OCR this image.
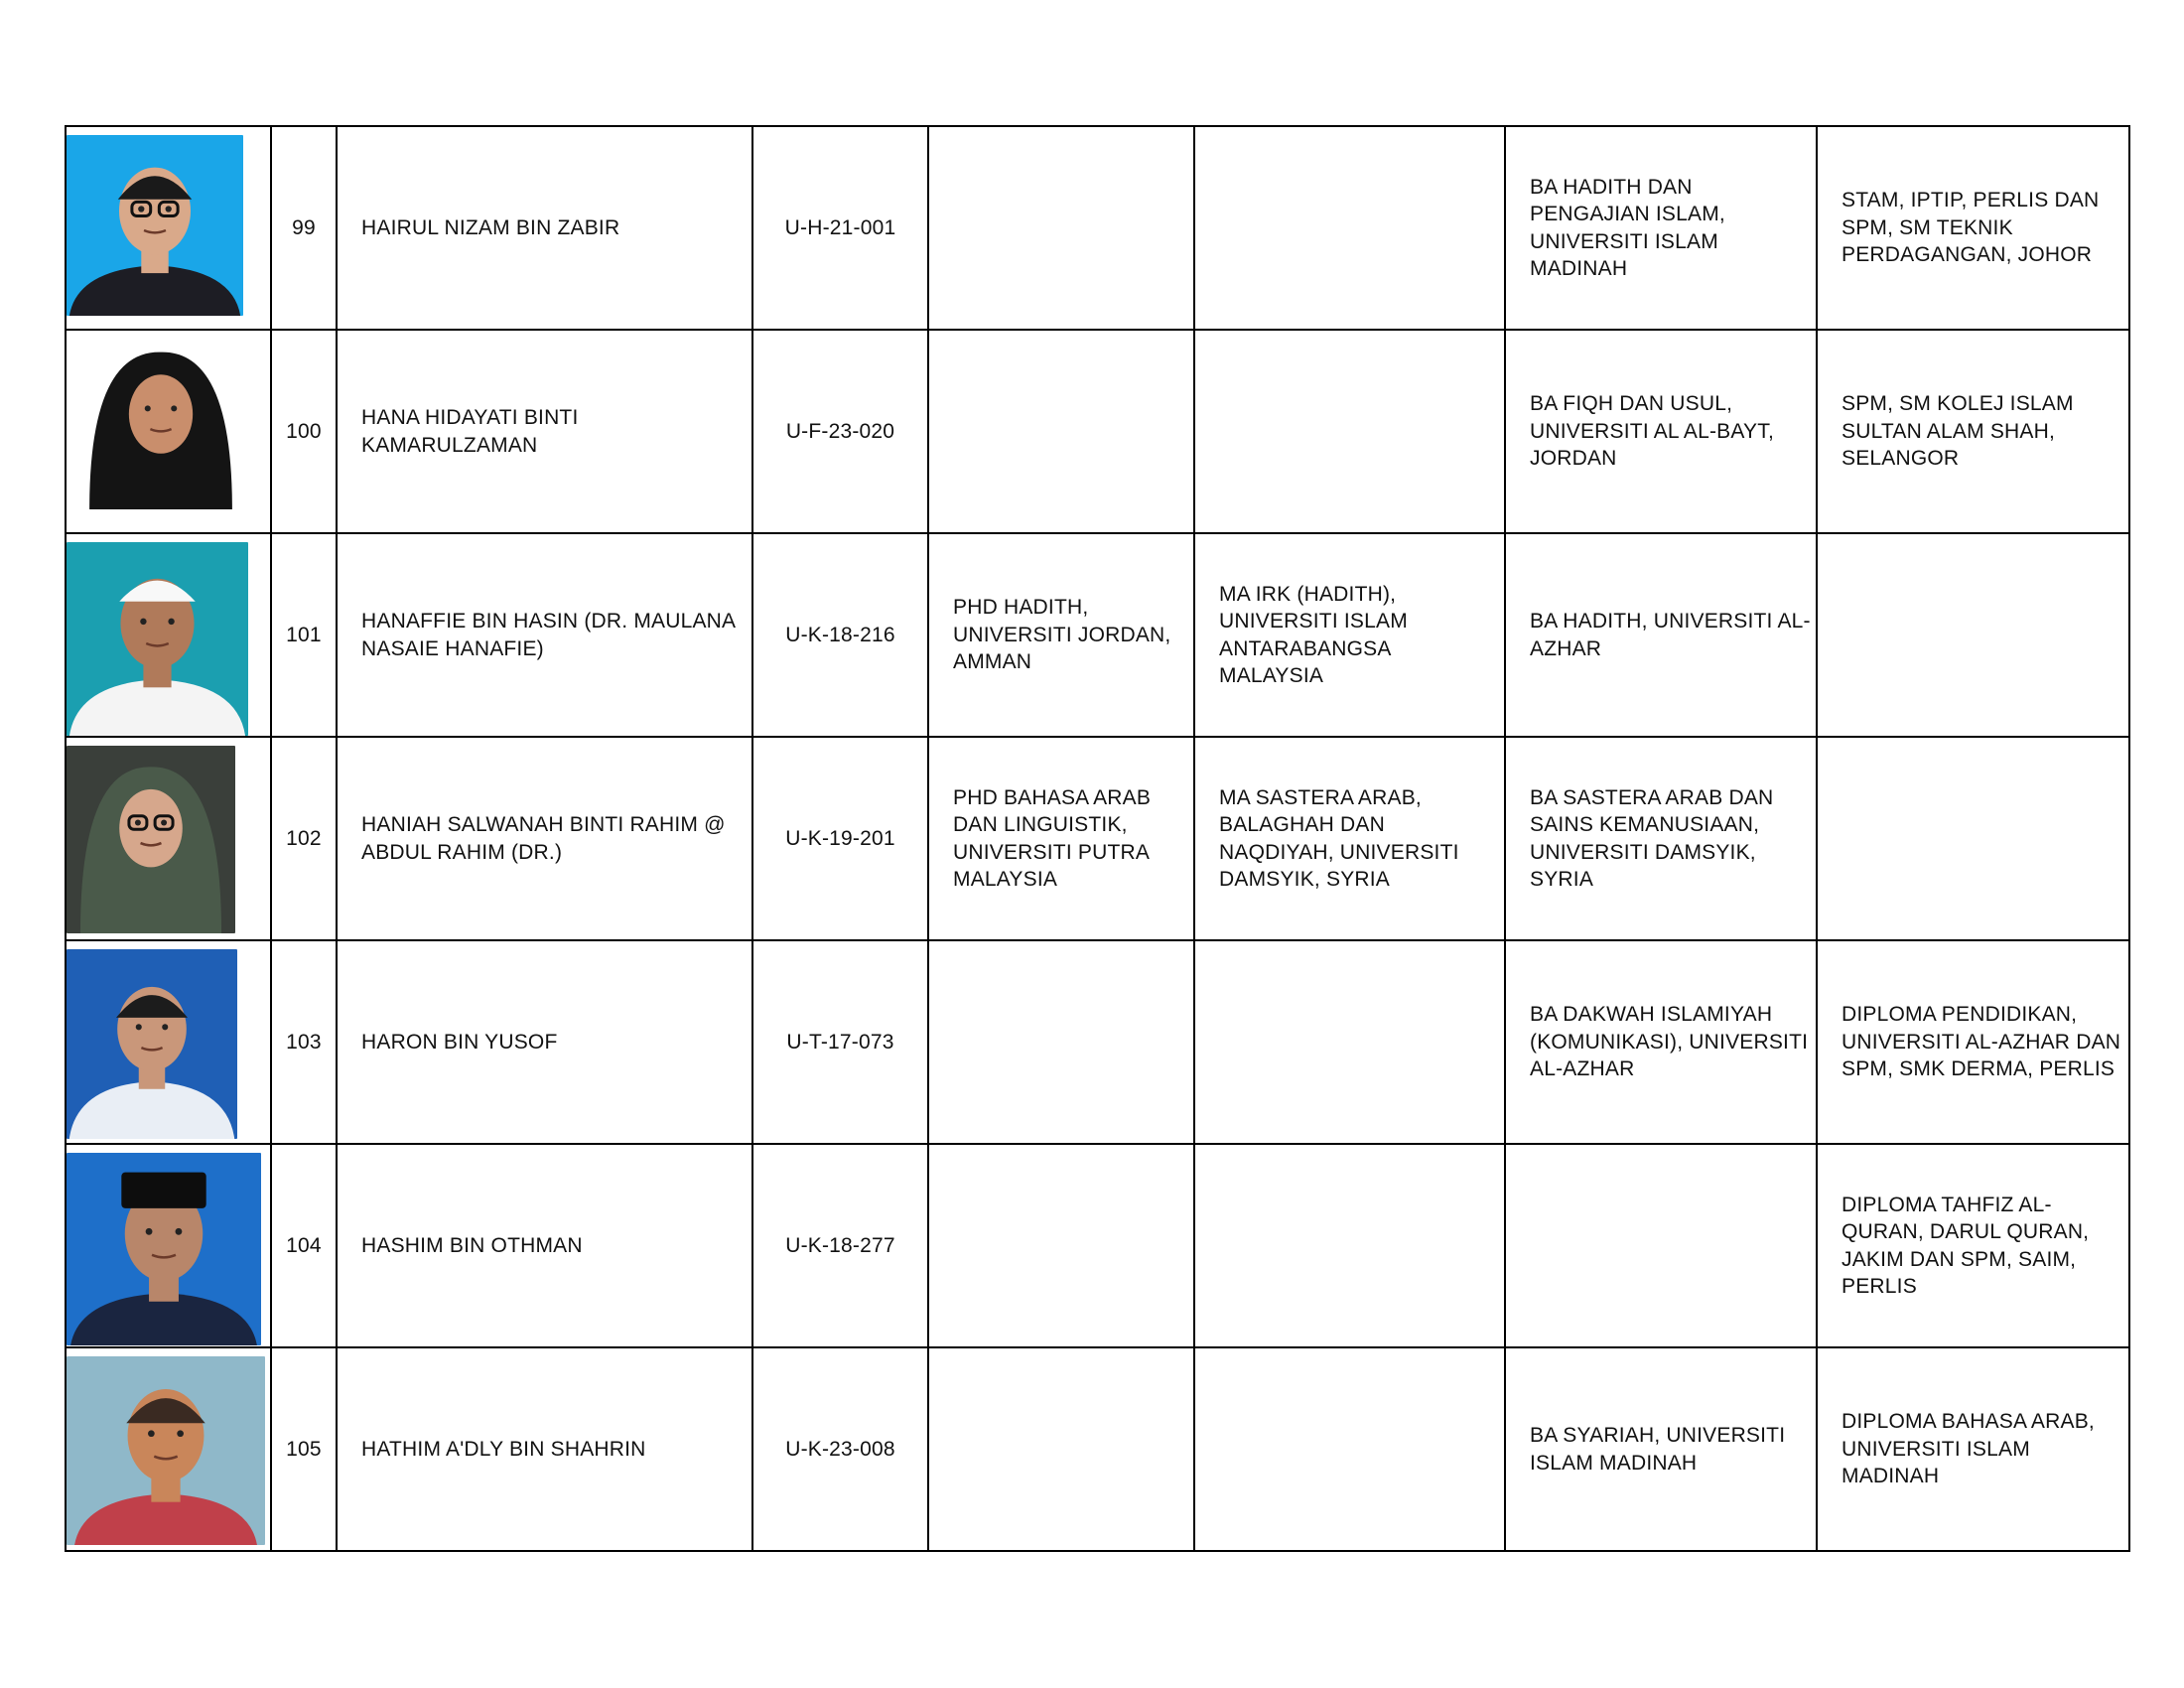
	99	HAIRUL NIZAM BIN ZABIR	U-H-21-001			BA HADITH DAN PENGAJIAN ISLAM, UNIVERSITI ISLAM MADINAH	STAM, IPTIP, PERLIS DAN SPM, SM TEKNIK PERDAGANGAN, JOHOR

	100	HANA HIDAYATI BINTI KAMARULZAMAN	U-F-23-020			BA FIQH DAN USUL, UNIVERSITI AL AL-BAYT, JORDAN	SPM, SM KOLEJ ISLAM SULTAN ALAM SHAH, SELANGOR

	101	HANAFFIE BIN HASIN (DR. MAULANA NASAIE HANAFIE)	U-K-18-216	PHD HADITH, UNIVERSITI JORDAN, AMMAN	MA IRK (HADITH), UNIVERSITI ISLAM ANTARABANGSA MALAYSIA	BA HADITH, UNIVERSITI AL-AZHAR	

	102	HANIAH SALWANAH BINTI RAHIM @ ABDUL RAHIM (DR.)	U-K-19-201	PHD BAHASA ARAB DAN LINGUISTIK, UNIVERSITI PUTRA MALAYSIA	MA SASTERA ARAB, BALAGHAH DAN NAQDIYAH, UNIVERSITI DAMSYIK, SYRIA	BA SASTERA ARAB DAN SAINS KEMANUSIAAN, UNIVERSITI DAMSYIK, SYRIA	

	103	HARON BIN YUSOF	U-T-17-073			BA DAKWAH ISLAMIYAH (KOMUNIKASI), UNIVERSITI AL-AZHAR	DIPLOMA PENDIDIKAN, UNIVERSITI AL-AZHAR DAN SPM, SMK DERMA, PERLIS

	104	HASHIM BIN OTHMAN	U-K-18-277				DIPLOMA TAHFIZ AL-QURAN, DARUL QURAN, JAKIM DAN SPM, SAIM, PERLIS

	105	HATHIM A'DLY BIN SHAHRIN	U-K-23-008			BA SYARIAH, UNIVERSITI ISLAM MADINAH	DIPLOMA BAHASA ARAB, UNIVERSITI ISLAM MADINAH
